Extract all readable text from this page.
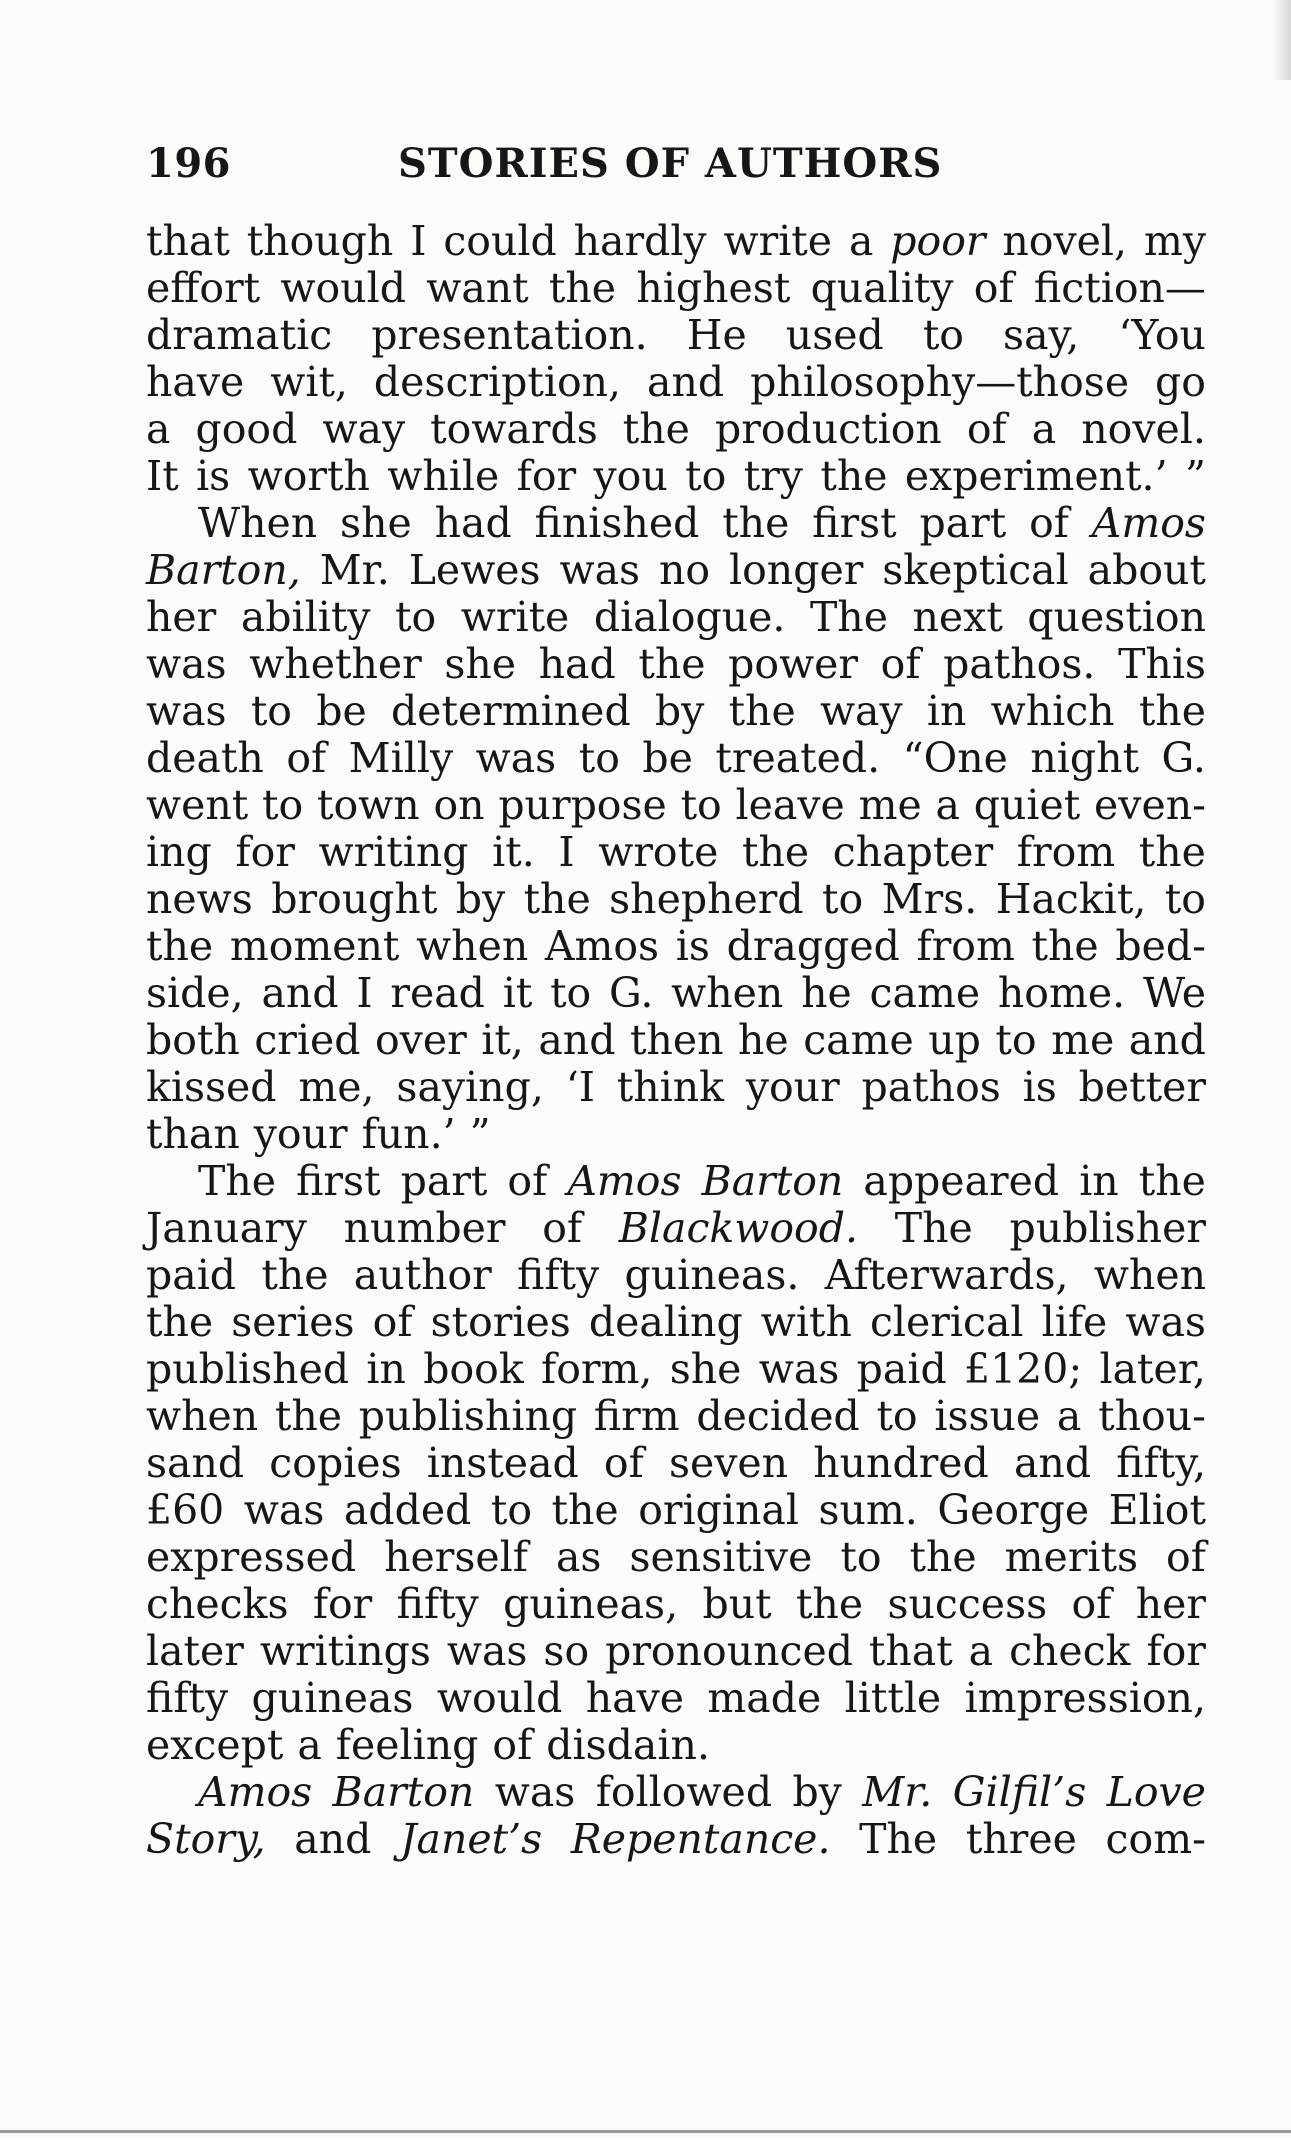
196	STORIES OF AUTHORS
that though I could hardly write a poor novel, my
effort would want the highest quality of fiction—
dramatic presentation. He used to say, ‘You
have wit, description, and philosophy—those go
a good way towards the production of a novel.
It is worth while for you to try the experiment.’ ”
When she had finished the first part of Amos
Barton, Mr. Lewes was no longer skeptical about
her ability to write dialogue. The next question
was whether she had the power of pathos. This
was to be determined by the way in which the
death of Milly was to be treated. “One night G.
went to town on purpose to leave me a quiet even-
ing for writing it. I wrote the chapter from the
news brought by the shepherd to Mrs. Hackit, to
the moment when Amos is dragged from the bed-
side, and I read it to G. when he came home. We
both cried over it, and then he came up to me and
kissed me, saying, ‘I think your pathos is better
than your fun.’ ”
The first part of Amos Barton appeared in the
January number of Blackwood. The publisher
paid the author fifty guineas. Afterwards, when
the series of stories dealing with clerical life was
published in book form, she was paid £120; later,
when the publishing firm decided to issue a thou-
sand copies instead of seven hundred and fifty,
£60 was added to the original sum. George Eliot
expressed herself as sensitive to the merits of
checks for fifty guineas, but the success of her
later writings was so pronounced that a check for
fifty guineas would have made little impression,
except a feeling of disdain.
Amos Barton was followed by Mr. Gilfil’s Love
Story, and Janet’s Repentance. The three com-
